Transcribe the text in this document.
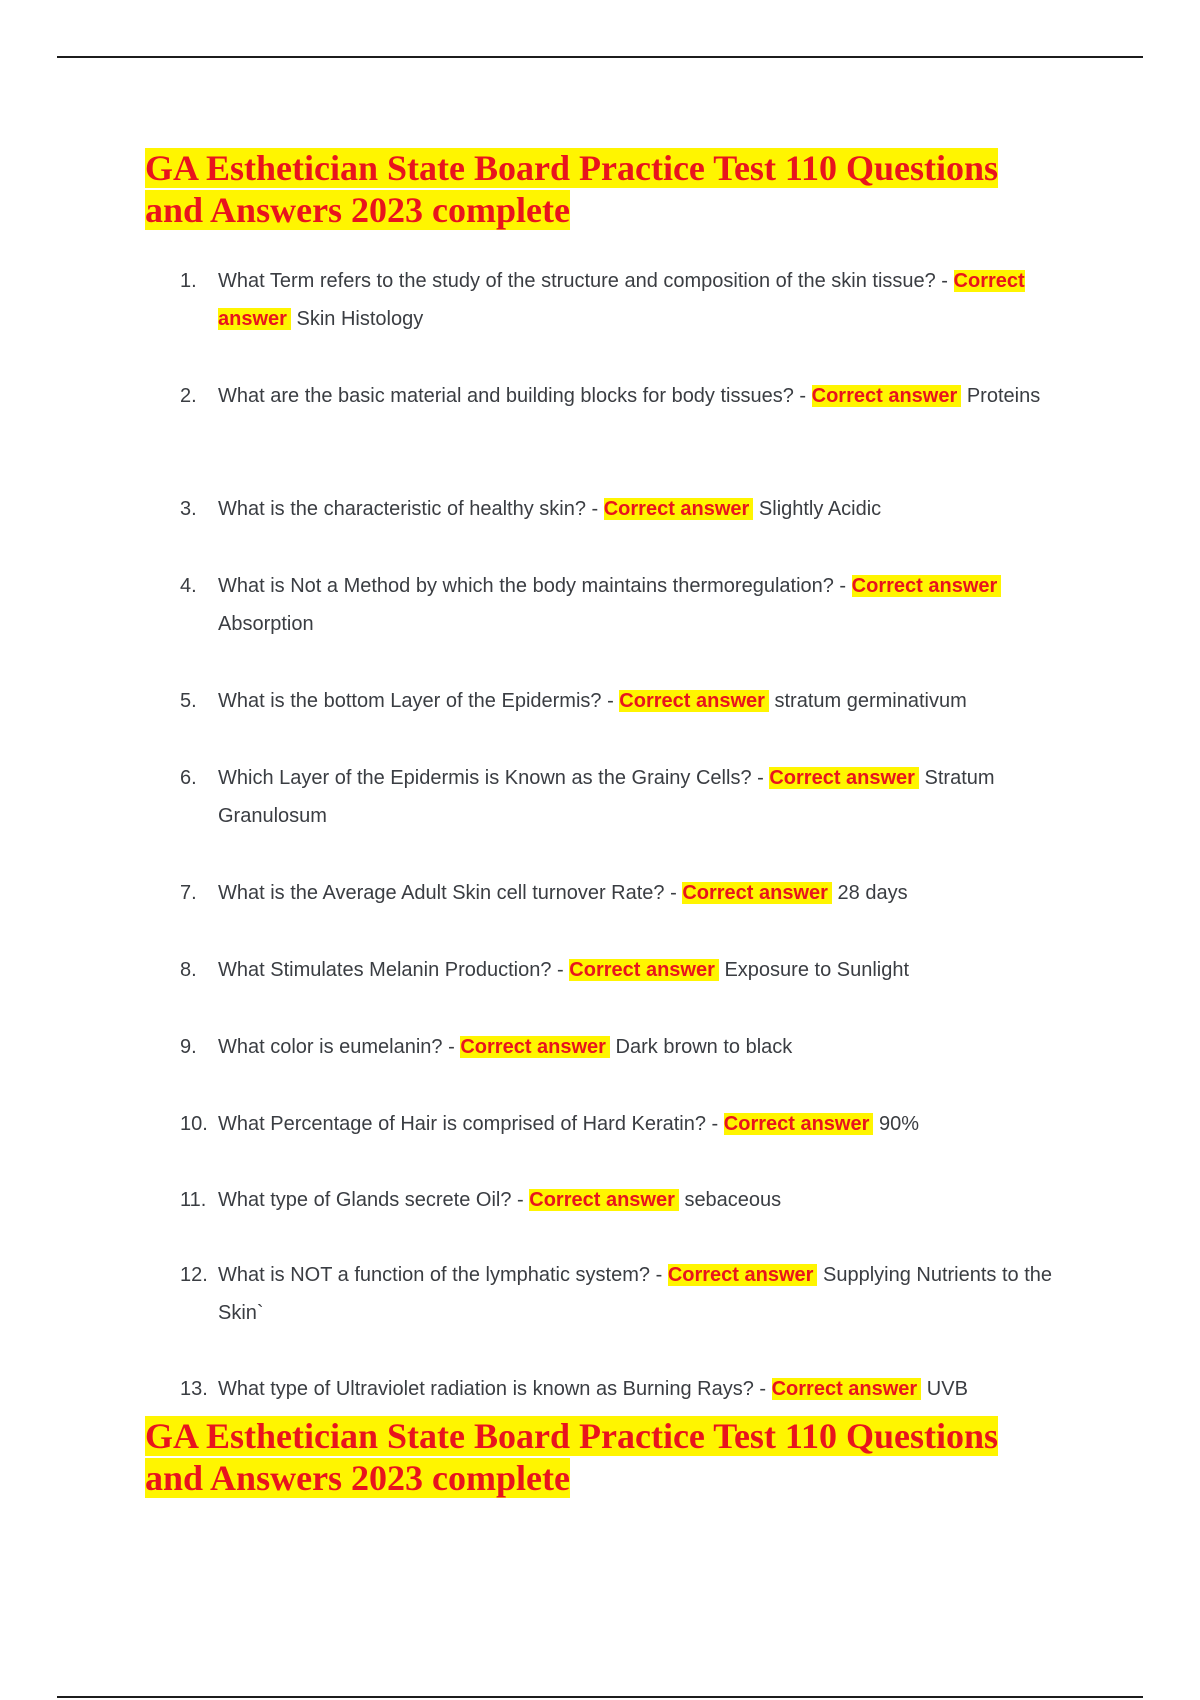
GA Esthetician State Board Practice Test 110 Questions
and Answers 2023 complete
1. What Term refers to the study of the structure and composition of the skin tissue? - Correct answer Skin Histology
2. What are the basic material and building blocks for body tissues? - Correct answer Proteins
3. What is the characteristic of healthy skin? - Correct answer Slightly Acidic
4. What is Not a Method by which the body maintains thermoregulation? - Correct answer Absorption
5. What is the bottom Layer of the Epidermis? - Correct answer stratum germinativum
6. Which Layer of the Epidermis is Known as the Grainy Cells? - Correct answer Stratum Granulosum
7. What is the Average Adult Skin cell turnover Rate? - Correct answer 28 days
8. What Stimulates Melanin Production? - Correct answer Exposure to Sunlight
9. What color is eumelanin? - Correct answer Dark brown to black
10. What Percentage of Hair is comprised of Hard Keratin? - Correct answer 90%
11. What type of Glands secrete Oil? - Correct answer sebaceous
12. What is NOT a function of the lymphatic system? - Correct answer Supplying Nutrients to the Skin`
13. What type of Ultraviolet radiation is known as Burning Rays? - Correct answer UVB
GA Esthetician State Board Practice Test 110 Questions
and Answers 2023 complete
